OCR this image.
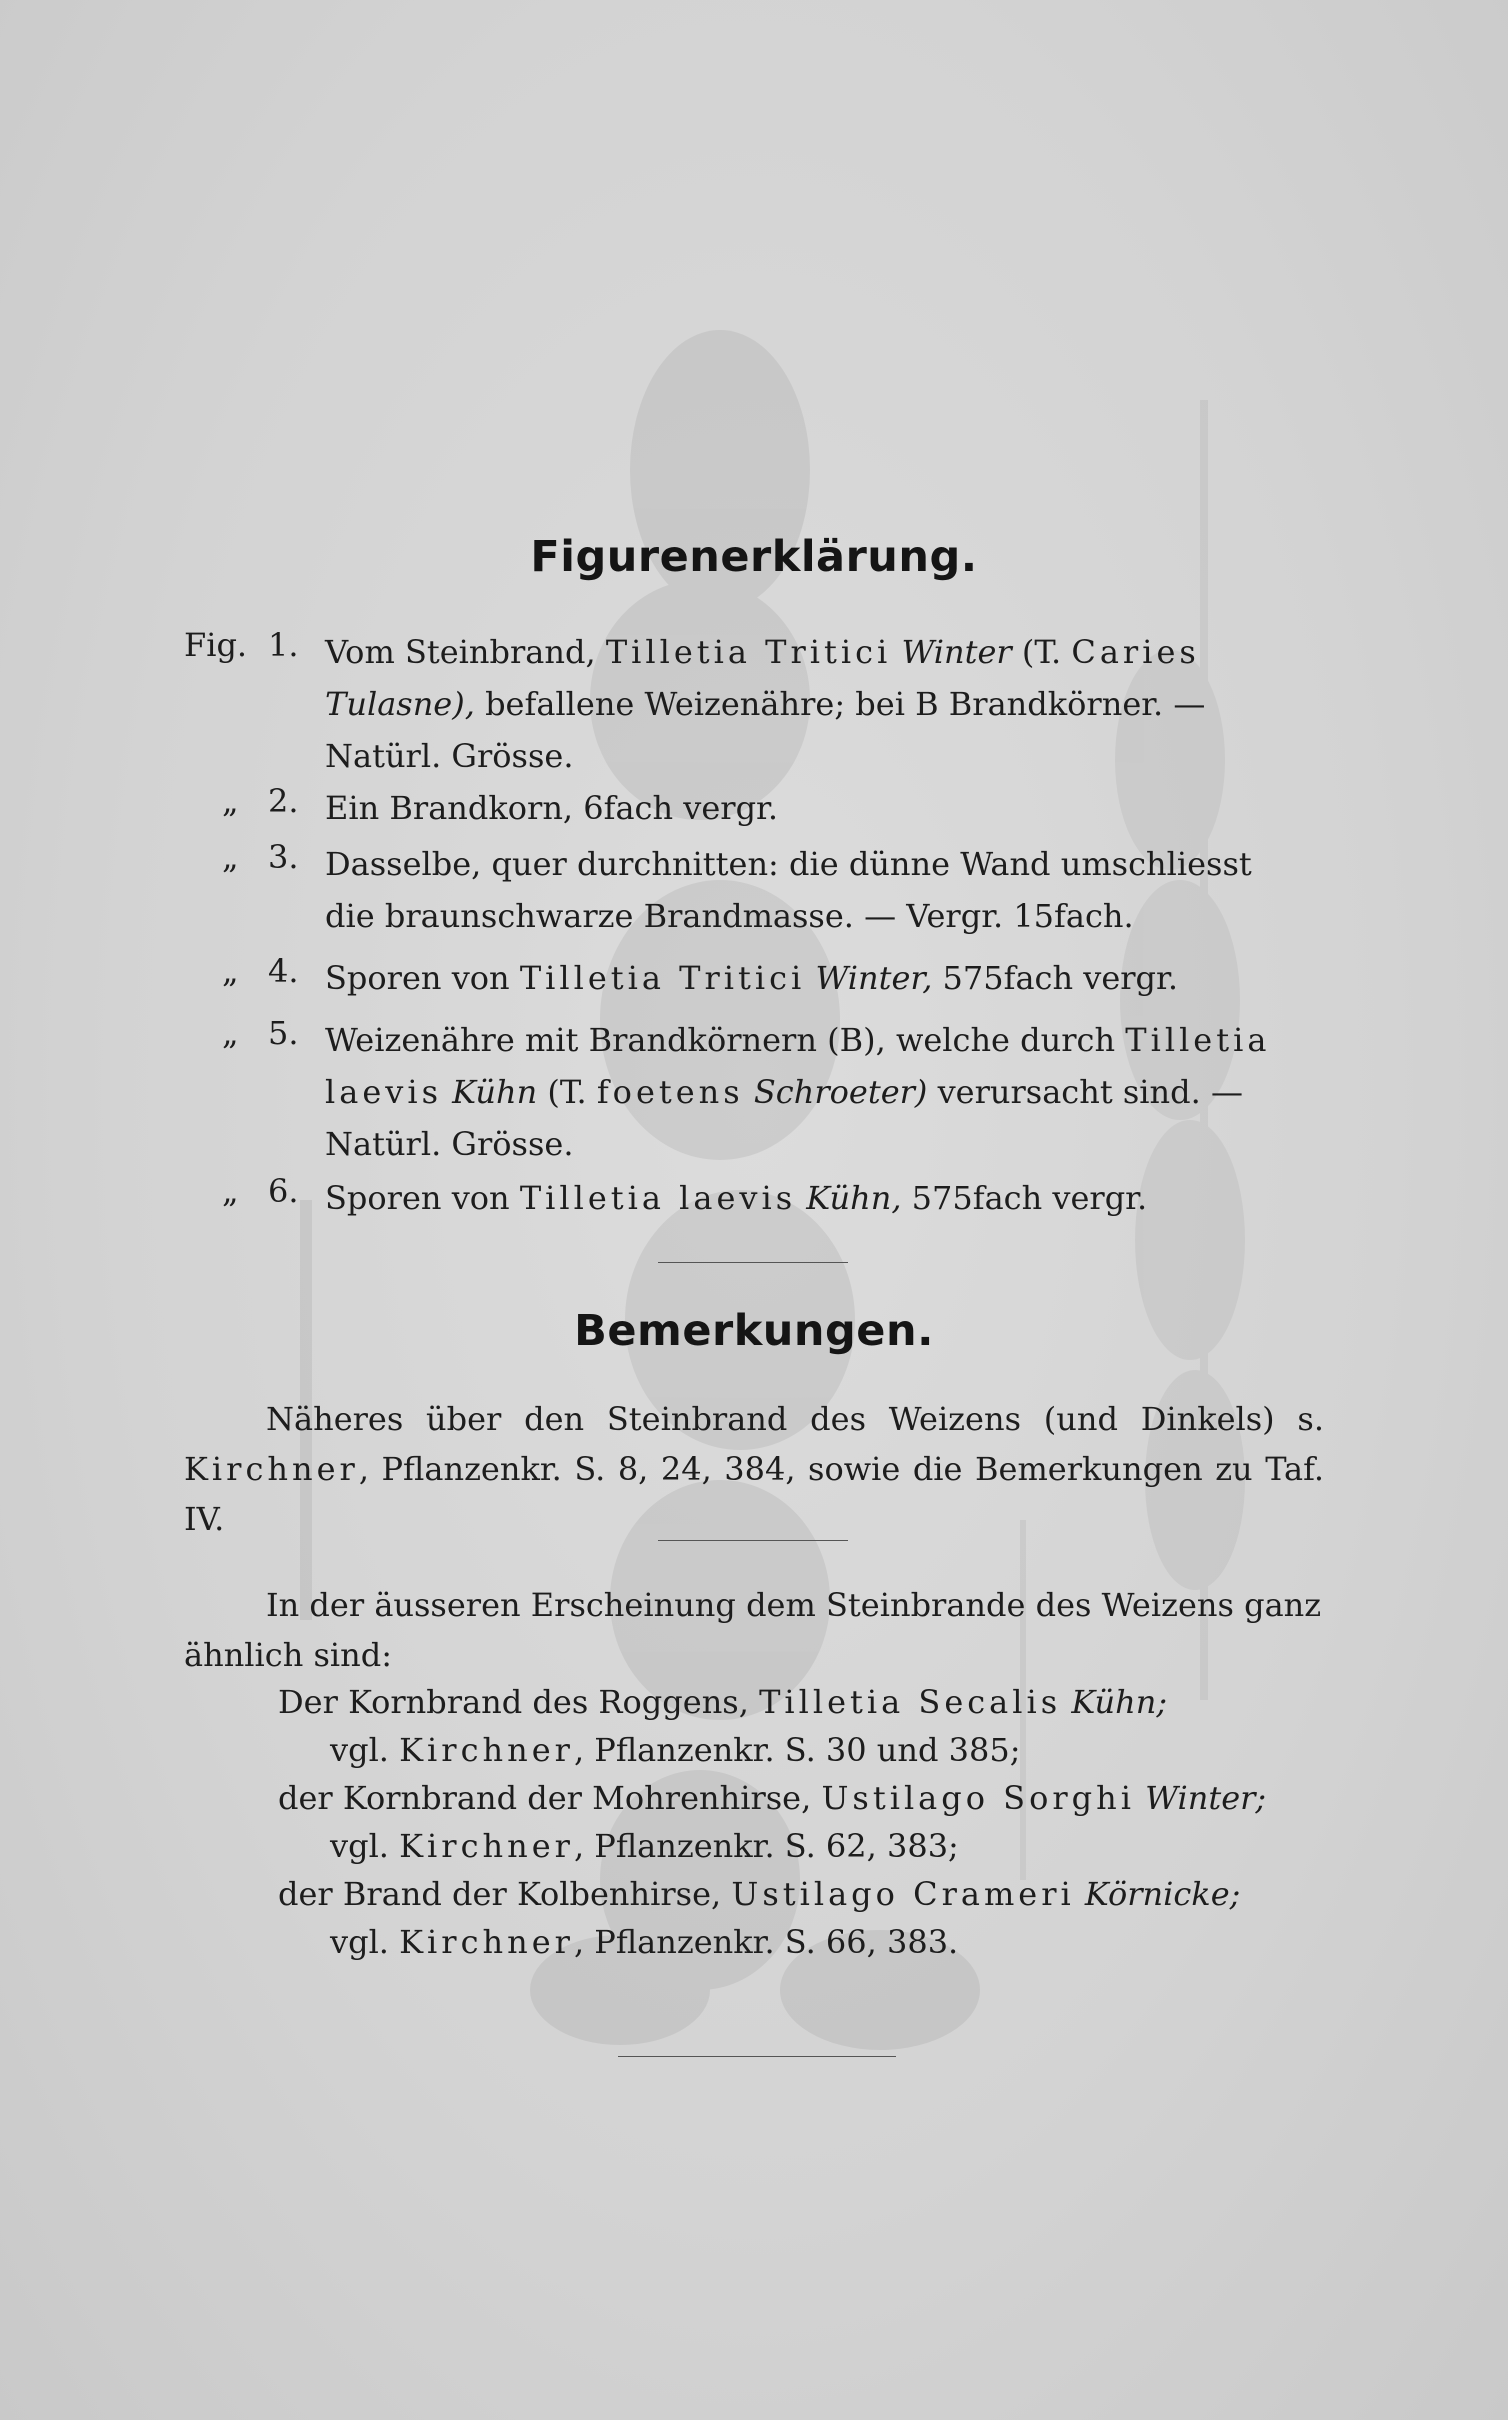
Figurenerklärung.
Fig. 1. Vom Steinbrand, Tilletia Tritici Winter (T. Caries
Tulasne), befallene Weizenähre; bei B Brandkörner. —
Natürl. Grösse.
„ 2. Ein Brandkorn, 6fach vergr.
„ 3. Dasselbe, quer durchnitten: die dünne Wand umschliesst
die braunschwarze Brandmasse. — Vergr. 15fach.
„ 4. Sporen von Tilletia Tritici Winter, 575fach vergr.
„ 5. Weizenähre mit Brandkörnern (B), welche durch Tilletia
laevis Kühn (T. foetens Schroeter) verursacht sind. —
Natürl. Grösse.
„ 6. Sporen von Tilletia laevis Kühn, 575fach vergr.
Bemerkungen.
Näheres über den Steinbrand des Weizens (und Dinkels) s. Kirchner, Pflanzenkr. S. 8, 24, 384, sowie die Bemerkungen zu Taf. IV.
In der äusseren Erscheinung dem Steinbrande des Weizens ganz ähnlich sind:
Der Kornbrand des Roggens, Tilletia Secalis Kühn;
vgl. Kirchner, Pflanzenkr. S. 30 und 385;
der Kornbrand der Mohrenhirse, Ustilago Sorghi Winter;
vgl. Kirchner, Pflanzenkr. S. 62, 383;
der Brand der Kolbenhirse, Ustilago Crameri Körnicke;
vgl. Kirchner, Pflanzenkr. S. 66, 383.
